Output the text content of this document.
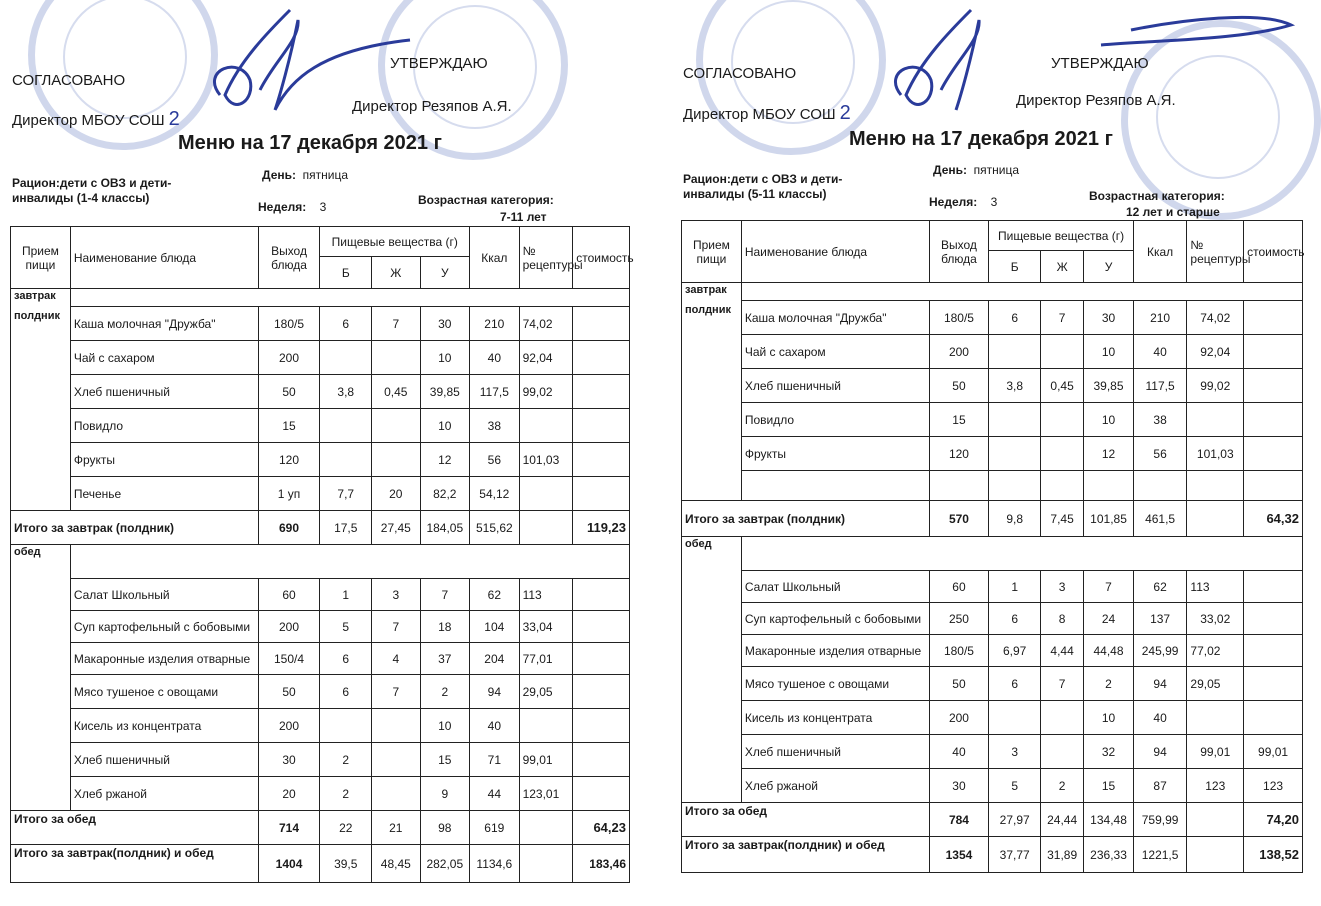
СОГЛАСОВАНО
Директор МБОУ СОШ 2
УТВЕРЖДАЮ
Директор Резяпов А.Я.
Меню на 17 декабря 2021 г
Рацион:дети с ОВЗ и дети-инвалиды (1-4 классы)
День: пятница
Неделя: 3	Возрастная категория:
7-11 лет
Прием пищи	Наименование блюда	Выход блюда	Пищевые вещества (г)			Ккал	№ рецептуры	стоимость
			Б	Ж	У			

завтрак
полдник								

	Каша молочная "Дружба"	180/5	6	7	30	210	74,02	
	Чай с сахаром	200			10	40	92,04	
	Хлеб пшеничный	50	3,8	0,45	39,85	117,5	99,02	
	Повидло	15			10	38		
	Фрукты	120			12	56	101,03	
	Печенье	1 уп	7,7	20	82,2	54,12		
Итого за завтрак (полдник)		690	17,5	27,45	184,05	515,62		119,23
обед								
	Салат Школьный	60	1	3	7	62	113	
	Суп картофельный с бобовыми	200	5	7	18	104	33,04	
	Макаронные изделия отварные	150/4	6	4	37	204	77,01	
	Мясо тушеное с овощами	50	6	7	2	94	29,05	
	Кисель из концентрата	200			10	40		
	Хлеб пшеничный	30	2		15	71	99,01	
	Хлеб ржаной	20	2		9	44	123,01	
Итого за обед		714	22	21	98	619		64,23
Итого за завтрак(полдник) и обед		1404	39,5	48,45	282,05	1134,6		183,46
СОГЛАСОВАНО
Директор МБОУ СОШ 2
УТВЕРЖДАЮ
Директор Резяпов А.Я.
Меню на 17 декабря 2021 г
Рацион:дети с ОВЗ и дети-инвалиды (5-11 классы)
День: пятница
Неделя: 3	Возрастная категория:
12 лет и старше
Прием пищи	Наименование блюда	Выход блюда	Пищевые вещества (г)			Ккал	№ рецептуры	стоимость
			Б	Ж	У			

завтрак
полдник								

	Каша молочная "Дружба"	180/5	6	7	30	210	74,02	
	Чай с сахаром	200			10	40	92,04	
	Хлеб пшеничный	50	3,8	0,45	39,85	117,5	99,02	
	Повидло	15			10	38		
	Фрукты	120			12	56	101,03	

Итого за завтрак (полдник)		570	9,8	7,45	101,85	461,5		64,32
обед								
	Салат Школьный	60	1	3	7	62	113	
	Суп картофельный с бобовыми	250	6	8	24	137	33,02	
	Макаронные изделия отварные	180/5	6,97	4,44	44,48	245,99	77,02	
	Мясо тушеное с овощами	50	6	7	2	94	29,05	
	Кисель из концентрата	200			10	40		
	Хлеб пшеничный	40	3		32	94	99,01	99,01
	Хлеб ржаной	30	5	2	15	87	123	123
Итого за обед		784	27,97	24,44	134,48	759,99		74,20
Итого за завтрак(полдник) и обед		1354	37,77	31,89	236,33	1221,5		138,52
